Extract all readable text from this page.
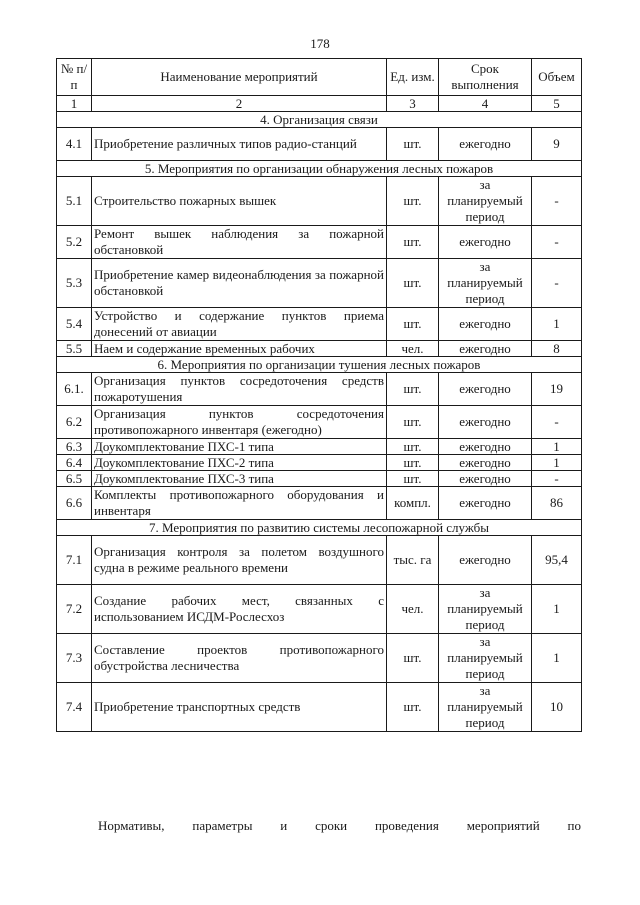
178
№ п/п	Наименование мероприятий	Ед. изм.	Срок выполнения	Объем
1	2	3	4	5
4. Организация связи				
4.1	Приобретение различных типов радио-станций	шт.	ежегодно	9
5. Мероприятия по организации обнаружения лесных пожаров				
5.1	Строительство пожарных вышек	шт.	за планируемый период	-
5.2	Ремонт вышек наблюдения за пожарной обстановкой	шт.	ежегодно	-
5.3	Приобретение камер видеонаблюдения за пожарной обстановкой	шт.	за планируемый период	-
5.4	Устройство и содержание пунктов приема донесений от авиации	шт.	ежегодно	1
5.5	Наем и содержание временных рабочих	чел.	ежегодно	8
6. Мероприятия по организации тушения лесных пожаров				
6.1.	Организация пунктов сосредоточения средств пожаротушения	шт.	ежегодно	19
6.2	Организация пунктов сосредоточения противопожарного инвентаря (ежегодно)	шт.	ежегодно	-
6.3	Доукомплектование ПХС-1 типа	шт.	ежегодно	1
6.4	Доукомплектование ПХС-2 типа	шт.	ежегодно	1
6.5	Доукомплектование ПХС-3 типа	шт.	ежегодно	-
6.6	Комплекты противопожарного оборудования и инвентаря	компл.	ежегодно	86
7. Мероприятия по развитию системы лесопожарной службы				
7.1	Организация контроля за полетом воздушного судна в режиме реального времени	тыс. га	ежегодно	95,4
7.2	Создание рабочих мест, связанных с использованием ИСДМ-Рослесхоз	чел.	за планируемый период	1
7.3	Составление проектов противопожарного обустройства лесничества	шт.	за планируемый период	1
7.4	Приобретение транспортных средств	шт.	за планируемый период	10
Нормативы, параметры и сроки проведения мероприятий по
